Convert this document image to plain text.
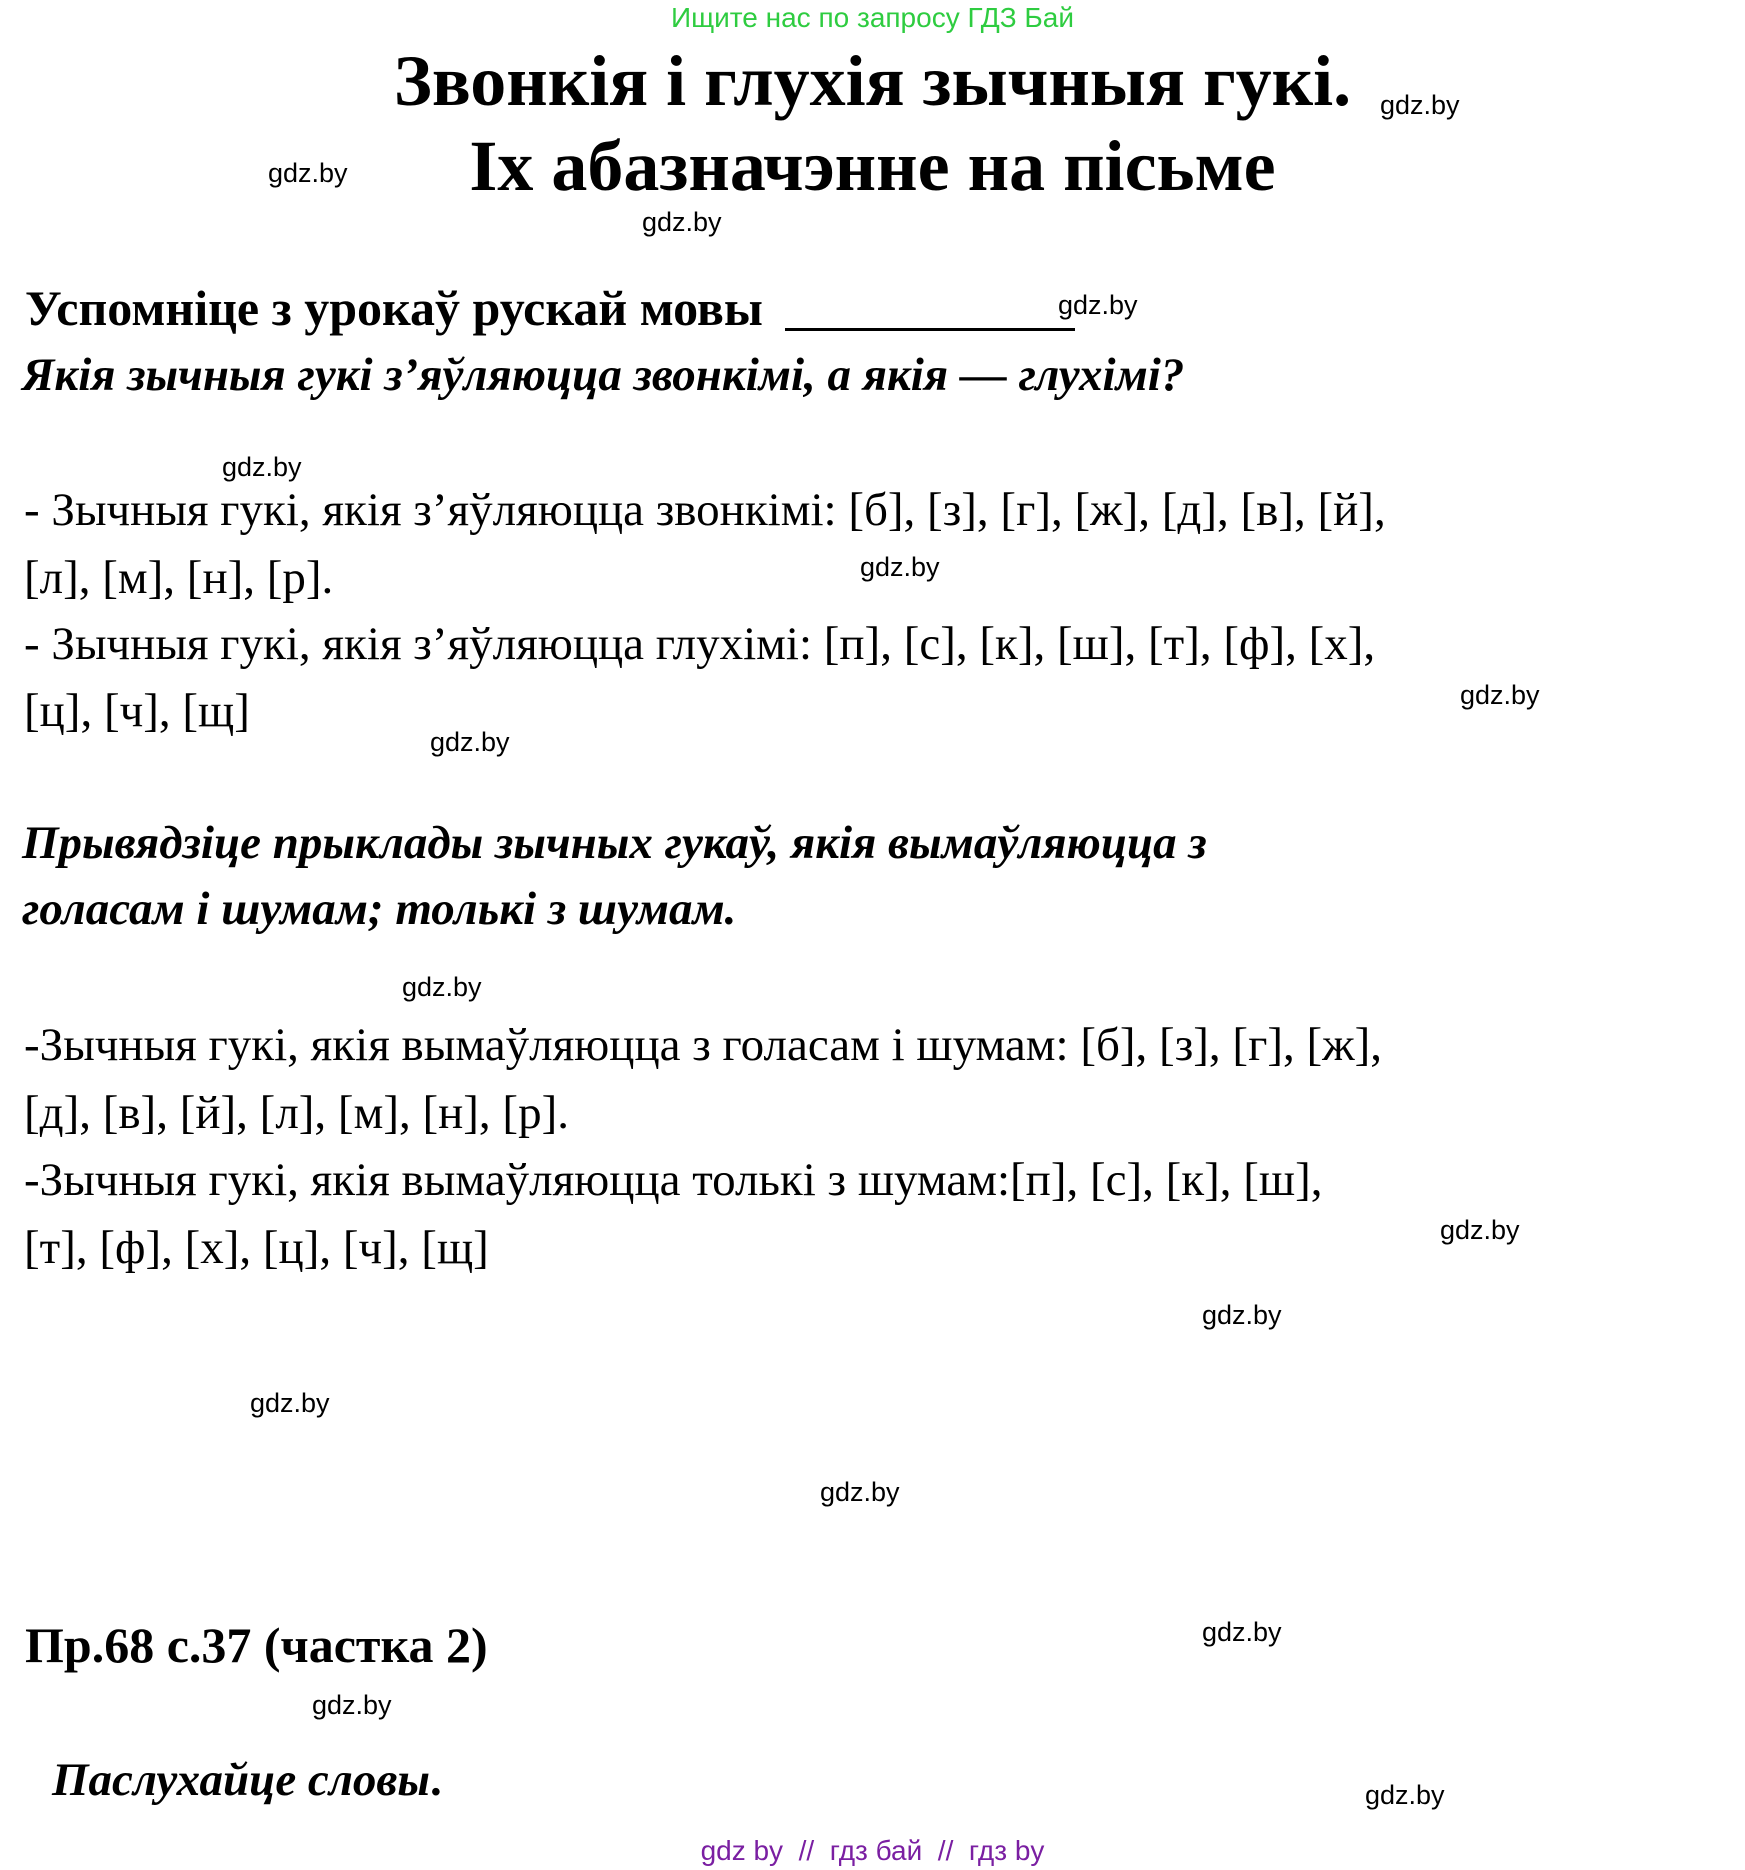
Ищите нас по запросу ГДЗ Бай
Звонкія і глухія зычныя гукі.
Іх абазначэнне на пісьме
gdz.by
gdz.by
gdz.by
gdz.by
gdz.by
gdz.by
gdz.by
gdz.by
gdz.by
gdz.by
gdz.by
gdz.by
gdz.by
gdz.by
gdz.by
gdz.by
Успомніце з урокаў рускай мовы
Якія зычныя гукі з’яўляюцца звонкімі, а якія — глухімі?
- Зычныя гукі, якія з’яўляюцца звонкімі: [б], [з], [г], [ж], [д], [в], [й],
[л], [м], [н], [р].
- Зычныя гукі, якія з’яўляюцца глухімі: [п], [с], [к], [ш], [т], [ф], [х],
[ц], [ч], [щ]
Прывядзіце прыклады зычных гукаў, якія вымаўляюцца з
голасам і шумам; толькі з шумам.
-Зычныя гукі, якія вымаўляюцца з голасам і шумам: [б], [з], [г], [ж],
[д], [в], [й], [л], [м], [н], [р].
-Зычныя гукі, якія вымаўляюцца толькі з шумам:[п], [с], [к], [ш],
[т], [ф], [х], [ц], [ч], [щ]
Пр.68 с.37 (частка 2)
Паслухайце словы.
gdz by  //  гдз бай  //  гдз by
